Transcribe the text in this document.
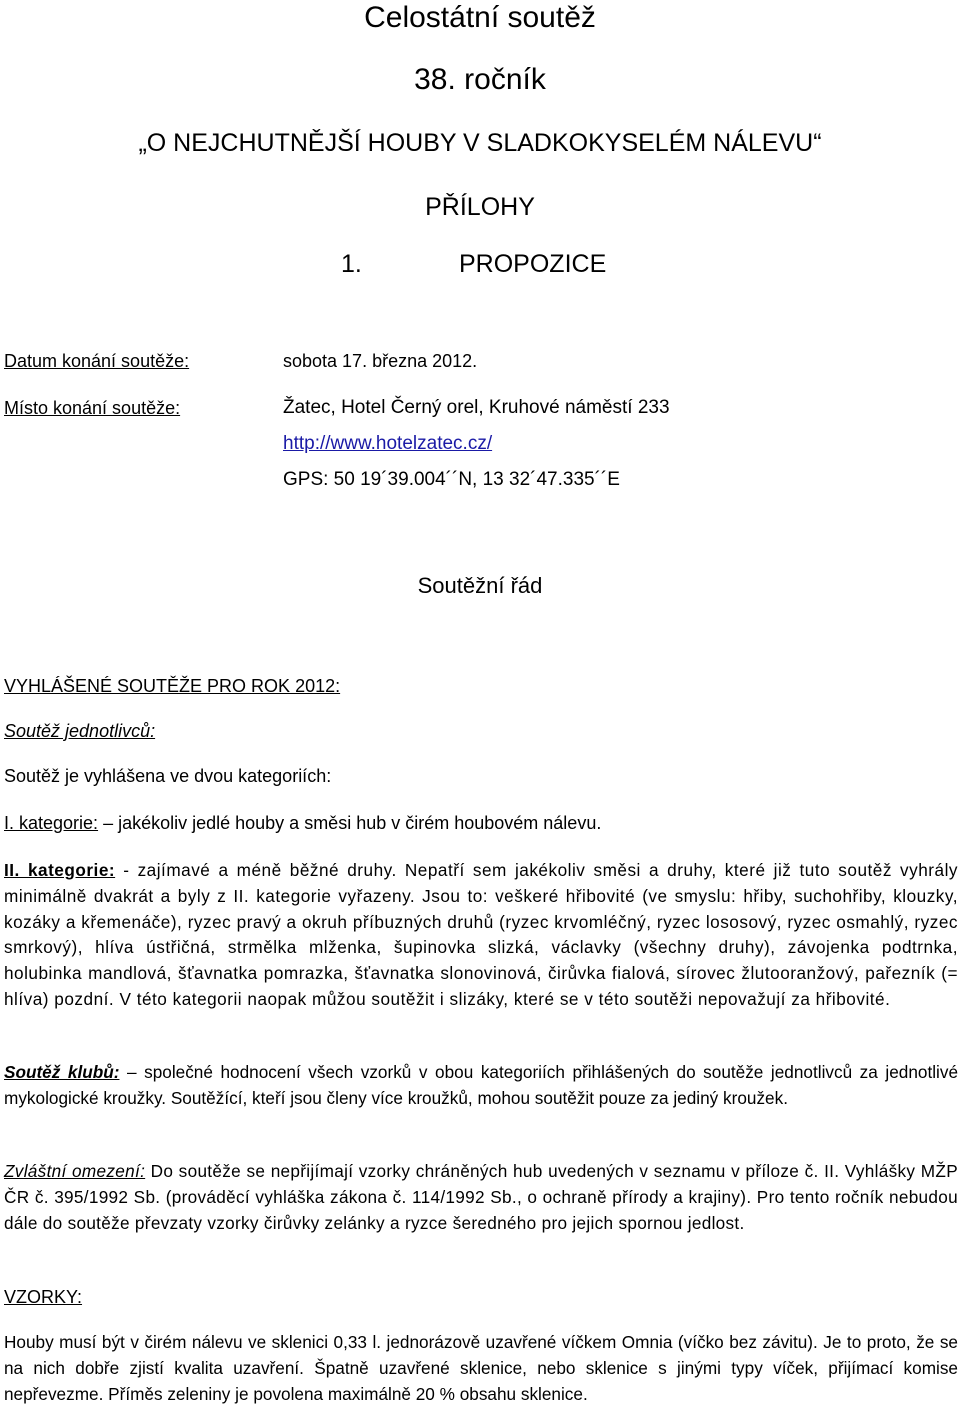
Celostátní soutěž
38. ročník
„O NEJCHUTNĚJŠÍ HOUBY V SLADKOKYSELÉM NÁLEVU“
PŘÍLOHY
1.	PROPOZICE
Datum konání soutěže:	sobota 17. března 2012.
Místo konání soutěže:	Žatec, Hotel Černý orel, Kruhové náměstí 233
http://www.hotelzatec.cz/
GPS: 50 19´39.004´´N, 13 32´47.335´´E
Soutěžní řád
VYHLÁŠENÉ SOUTĚŽE PRO ROK 2012:
Soutěž jednotlivců:
Soutěž je vyhlášena ve dvou kategoriích:
I. kategorie: – jakékoliv jedlé houby a směsi hub v čirém houbovém nálevu.
II. kategorie: - zajímavé a méně běžné druhy. Nepatří sem jakékoliv směsi a druhy, které již tuto soutěž vyhrály minimálně dvakrát a byly z II. kategorie vyřazeny. Jsou to: veškeré hřibovité (ve smyslu: hřiby, suchohřiby, klouzky, kozáky a křemenáče), ryzec pravý a okruh příbuzných druhů (ryzec krvomléčný, ryzec lososový, ryzec osmahlý, ryzec smrkový), hlíva ústřičná, strmělka mlženka, šupinovka slizká, václavky (všechny druhy), závojenka podtrnka, holubinka mandlová, šťavnatka pomrazka, šťavnatka slonovinová, čirůvka fialová, sírovec žlutooranžový, pařezník (= hlíva) pozdní. V této kategorii naopak můžou soutěžit i slizáky, které se v této soutěži nepovažují za hřibovité.
Soutěž klubů: – společné hodnocení všech vzorků v obou kategoriích přihlášených do soutěže jednotlivců za jednotlivé mykologické kroužky. Soutěžící, kteří jsou členy více kroužků, mohou soutěžit pouze za jediný kroužek.
Zvláštní omezení: Do soutěže se nepřijímají vzorky chráněných hub uvedených v seznamu v příloze č. II. Vyhlášky MŽP ČR č. 395/1992 Sb. (prováděcí vyhláška zákona č. 114/1992 Sb., o ochraně přírody a krajiny). Pro tento ročník nebudou dále do soutěže převzaty vzorky čirůvky zelánky a ryzce šeredného pro jejich spornou jedlost.
VZORKY:
Houby musí být v čirém nálevu ve sklenici 0,33 l. jednorázově uzavřené víčkem Omnia (víčko bez závitu). Je to proto, že se na nich dobře zjistí kvalita uzavření. Špatně uzavřené sklenice, nebo sklenice s jinými typy víček, přijímací komise nepřevezme. Příměs zeleniny je povolena maximálně 20 % obsahu sklenice.
